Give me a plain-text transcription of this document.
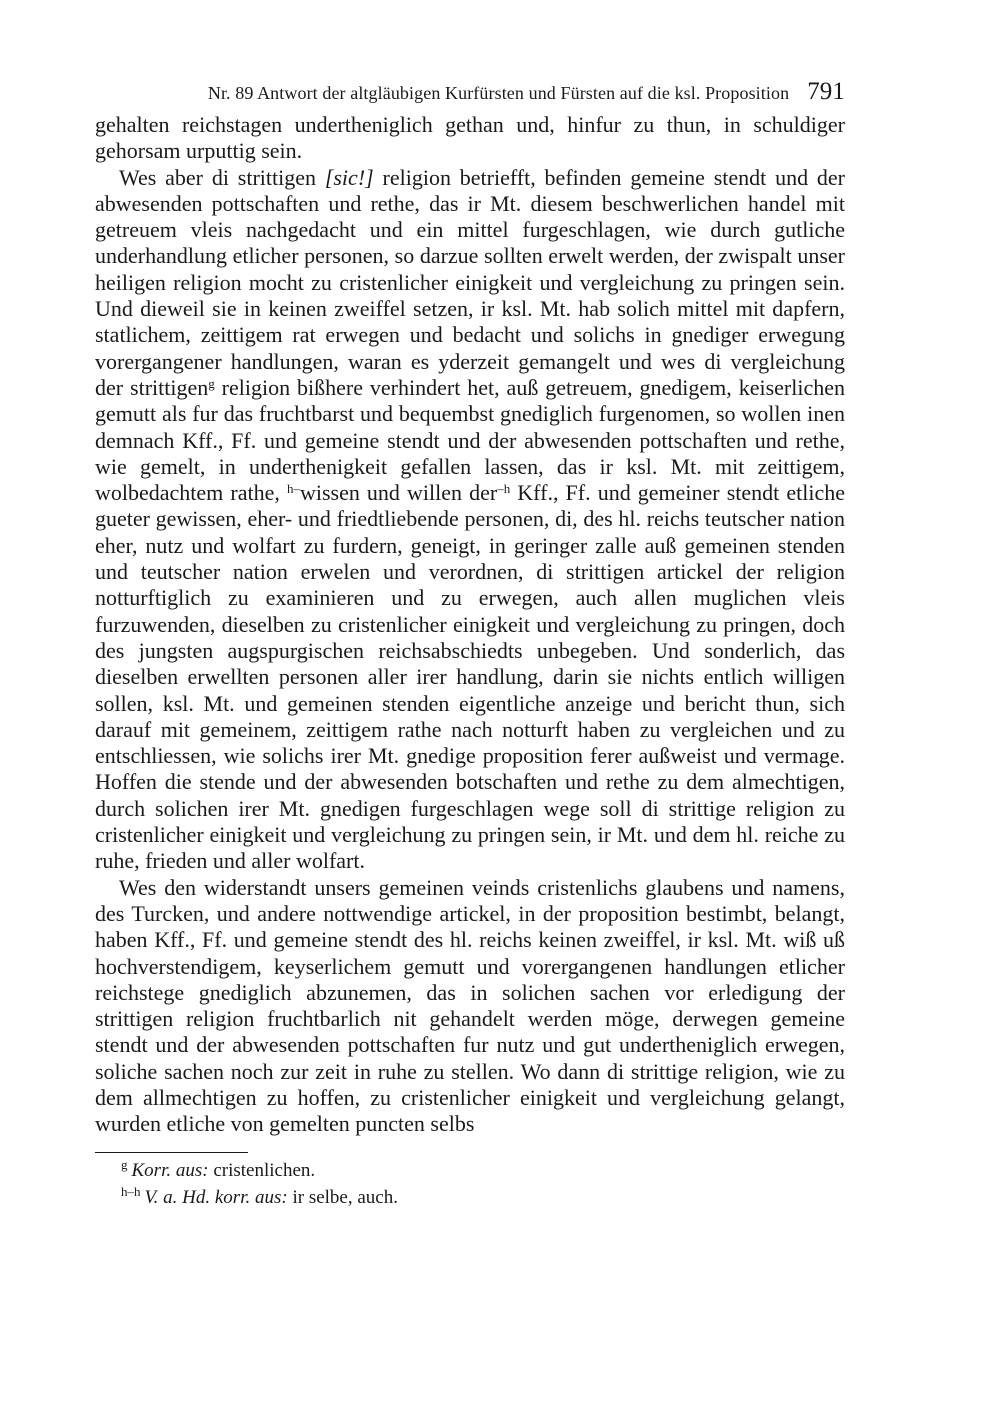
Nr. 89 Antwort der altgläubigen Kurfürsten und Fürsten auf die ksl. Proposition 791

gehalten reichstagen undertheniglich gethan und, hinfur zu thun, in schuldiger gehorsam urputtig sein.

Wes aber di strittigen [sic!] religion betriefft, befinden gemeine stendt und der abwesenden pottschaften und rethe, das ir Mt. diesem beschwerlichen handel mit getreuem vleis nachgedacht und ein mittel furgeschlagen, wie durch gutliche underhandlung etlicher personen, so darzue sollten erwelt werden, der zwispalt unser heiligen religion mocht zu cristenlicher einigkeit und vergleichung zu pringen sein. Und dieweil sie in keinen zweiffel setzen, ir ksl. Mt. hab solich mittel mit dapfern, statlichem, zeittigem rat erwegen und bedacht und solichs in gnediger erwegung vorergangener handlungen, waran es yderzeit gemangelt und wes di vergleichung der strittigen$^g$ religion bißhere verhindert het, auß getreuem, gnedigem, keiserlichen gemutt als fur das fruchtbarst und bequembst gnediglich furgenomen, so wollen inen demnach Kff., Ff. und gemeine stendt und der abwesenden pottschaften und rethe, wie gemelt, in underthenigkeit gefallen lassen, das ir ksl. Mt. mit zeittigem, wolbedachtem rathe, $^{h-}$wissen und willen der$^{-h}$ Kff., Ff. und gemeiner stendt etliche gueter gewissen, eher- und friedtliebende personen, di, des hl. reichs teutscher nation eher, nutz und wolfart zu furdern, geneigt, in geringer zalle auß gemeinen stenden und teutscher nation erwelen und verordnen, di strittigen artickel der religion notturftiglich zu examinieren und zu erwegen, auch allen muglichen vleis furzuwenden, dieselben zu cristenlicher einigkeit und vergleichung zu pringen, doch des jungsten augspurgischen reichsabschiedts unbegeben. Und sonderlich, das dieselben erwellten personen aller irer handlung, darin sie nichts entlich willigen sollen, ksl. Mt. und gemeinen stenden eigentliche anzeige und bericht thun, sich darauf mit gemeinem, zeittigem rathe nach notturft haben zu vergleichen und zu entschliessen, wie solichs irer Mt. gnedige proposition ferer außweist und vermage. Hoffen die stende und der abwesenden botschaften und rethe zu dem almechtigen, durch solichen irer Mt. gnedigen furgeschlagen wege soll di strittige religion zu cristenlicher einigkeit und vergleichung zu pringen sein, ir Mt. und dem hl. reiche zu ruhe, frieden und aller wolfart.

Wes den widerstandt unsers gemeinen veinds cristenlichs glaubens und namens, des Turcken, und andere nottwendige artickel, in der proposition bestimbt, belangt, haben Kff., Ff. und gemeine stendt des hl. reichs keinen zweiffel, ir ksl. Mt. wiß uß hochverstendigem, keyserlichem gemutt und vorergangenen handlungen etlicher reichstege gnediglich abzunemen, das in solichen sachen vor erledigung der strittigen religion fruchtbarlich nit gehandelt werden möge, derwegen gemeine stendt und der abwesenden pottschaften fur nutz und gut undertheniglich erwegen, soliche sachen noch zur zeit in ruhe zu stellen. Wo dann di strittige religion, wie zu dem allmechtigen zu hoffen, zu cristenlicher einigkeit und vergleichung gelangt, wurden etliche von gemelten puncten selbs

$^g$ Korr. aus: cristenlichen.
$^{h-h}$ V. a. Hd. korr. aus: ir selbe, auch.
